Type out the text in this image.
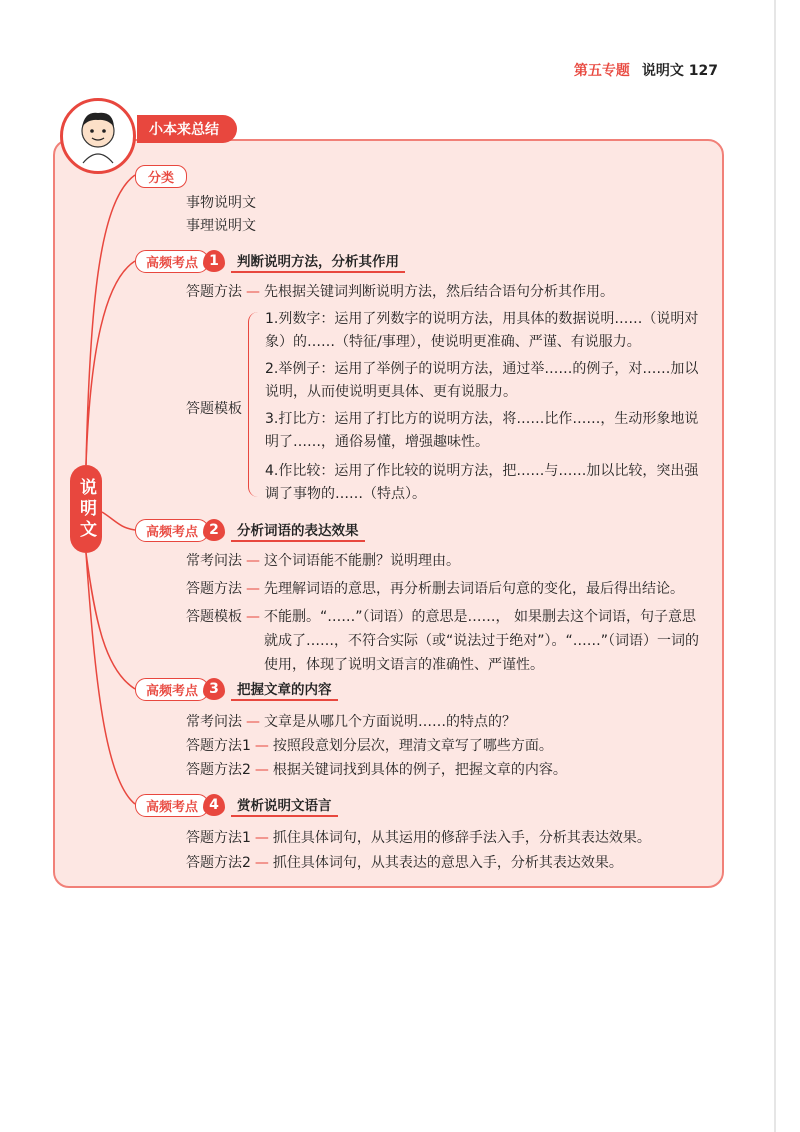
第五专题 说明文 127
小本来总结
说明文
分类
事物说明文
事理说明文
高频考点 1	判断说明方法，分析其作用
答题方法 — 先根据关键词判断说明方法，然后结合语句分析其作用。
答题模板
1.列数字：运用了列数字的说明方法，用具体的数据说明……（说明对象）的……（特征/事理），使说明更准确、严谨、有说服力。
2.举例子：运用了举例子的说明方法，通过举……的例子，对……加以说明，从而使说明更具体、更有说服力。
3.打比方：运用了打比方的说明方法，将……比作……，生动形象地说明了……，通俗易懂，增强趣味性。
4.作比较：运用了作比较的说明方法，把……与……加以比较，突出强调了事物的……（特点）。
高频考点 2	分析词语的表达效果
常考问法 — 这个词语能不能删？说明理由。
答题方法 — 先理解词语的意思，再分析删去词语后句意的变化，最后得出结论。
答题模板 — 不能删。“……”（词语）的意思是……， 如果删去这个词语，句子意思就成了……，不符合实际（或“说法过于绝对”）。“……”（词语）一词的使用，体现了说明文语言的准确性、严谨性。
高频考点 3	把握文章的内容
常考问法 — 文章是从哪几个方面说明……的特点的？
答题方法1 — 按照段意划分层次，理清文章写了哪些方面。
答题方法2 — 根据关键词找到具体的例子，把握文章的内容。
高频考点 4	赏析说明文语言
答题方法1 — 抓住具体词句，从其运用的修辞手法入手，分析其表达效果。
答题方法2 — 抓住具体词句，从其表达的意思入手，分析其表达效果。
